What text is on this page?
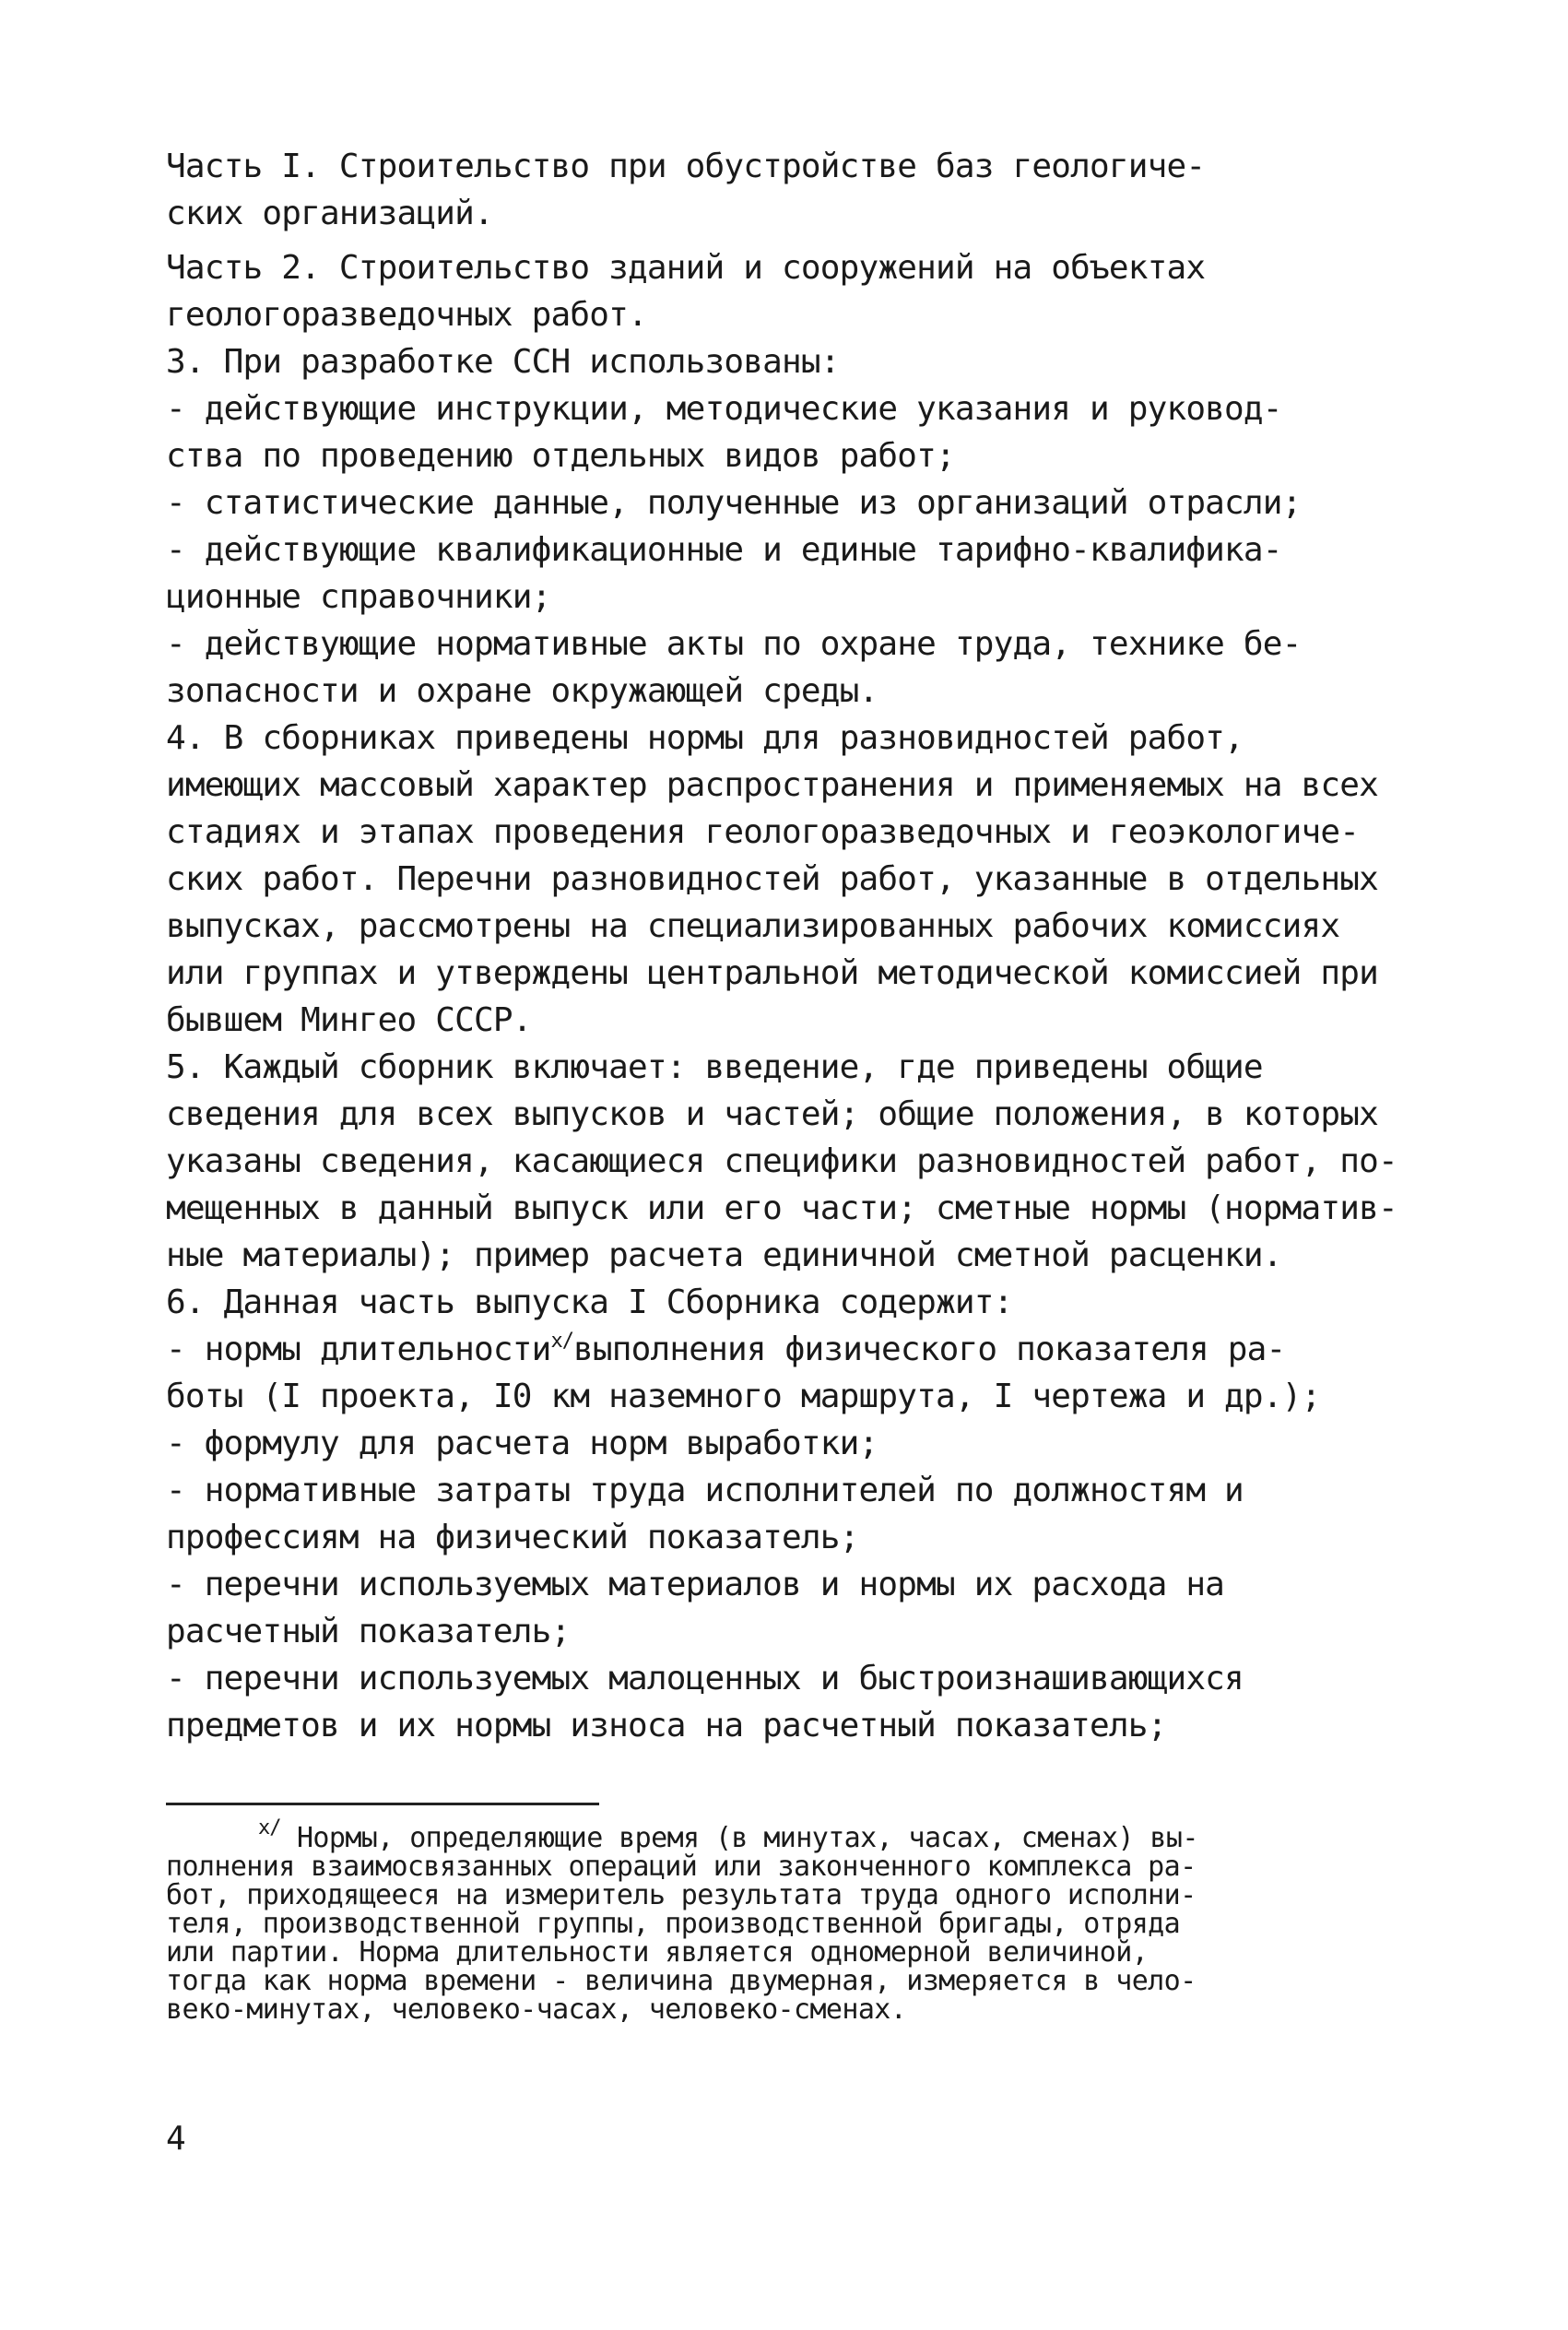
Часть I. Строительство при обустройстве баз геологиче-

ских организаций.

Часть 2. Строительство зданий и сооружений на объектах

геологоразведочных работ.

3. При разработке ССН использованы:

- действующие инструкции, методические указания и руковод-

ства по проведению отдельных видов работ;

- статистические данные, полученные из организаций отрасли;

- действующие квалификационные и единые тарифно-квалифика-

ционные справочники;

- действующие нормативные акты по охране труда, технике бе-

зопасности и охране окружающей среды.

4. В сборниках приведены нормы для разновидностей работ,

имеющих массовый характер распространения и применяемых на всех

стадиях и этапах проведения геологоразведочных и геоэкологиче-

ских работ. Перечни разновидностей работ, указанные в отдельных

выпусках, рассмотрены на специализированных рабочих комиссиях

или группах и утверждены центральной методической комиссией при

бывшем Мингео СССР.

5. Каждый сборник включает: введение, где приведены общие

сведения для всех выпусков и частей; общие положения, в которых

указаны сведения, касающиеся специфики разновидностей работ, по-

мещенных в данный выпуск или его части; сметные нормы (норматив-

ные материалы); пример расчета единичной сметной расценки.

6. Данная часть выпуска I Сборника содержит:

- нормы длительности$^{x/}$выполнения физического показателя ра-

боты (I проекта, I0 км наземного маршрута, I чертежа и др.);

- формулу для расчета норм выработки;

- нормативные затраты труда исполнителей по должностям и

профессиям на физический показатель;

- перечни используемых материалов и нормы их расхода на

расчетный показатель;

- перечни используемых малоценных и быстроизнашивающихся

предметов и их нормы износа на расчетный показатель;

$^{x/}$ Нормы, определяющие время (в минутах, часах, сменах) вы-

полнения взаимосвязанных операций или законченного комплекса ра-

бот, приходящееся на измеритель результата труда одного исполни-

теля, производственной группы, производственной бригады, отряда

или партии. Норма длительности является одномерной величиной,

тогда как норма времени - величина двумерная, измеряется в чело-

веко-минутах, человеко-часах, человеко-сменах.

4
